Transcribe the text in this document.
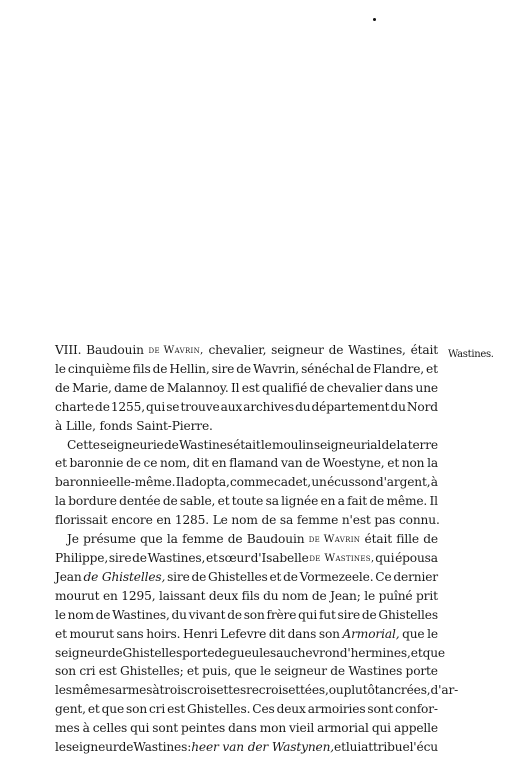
Wastines.
VIII. Baudouin de Wavrin, chevalier, seigneur de Wastines, était
le cinquième fils de Hellin, sire de Wavrin, sénéchal de Flandre, et
de Marie, dame de Malannoy. Il est qualifié de chevalier dans une
charte de 1255, qui se trouve aux archives du département du Nord
à Lille, fonds Saint-Pierre.
Cette seigneurie de Wastines était le moulin seigneurial de la terre
et baronnie de ce nom, dit en flamand van de Woestyne, et non la
baronnie elle-même. Il adopta, comme cadet, un écusson d'argent, à
la bordure dentée de sable, et toute sa lignée en a fait de même. Il
florissait encore en 1285. Le nom de sa femme n'est pas connu.
Je présume que la femme de Baudouin de Wavrin était fille de
Philippe, sire de Wastines, et sœur d'Isabelle de Wastines, qui épousa
Jean de Ghistelles, sire de Ghistelles et de Vormezeele. Ce dernier
mourut en 1295, laissant deux fils du nom de Jean; le puîné prit
le nom de Wastines, du vivant de son frère qui fut sire de Ghistelles
et mourut sans hoirs. Henri Lefevre dit dans son Armorial, que le
seigneur de Ghistelles porte de gueules au chevron d'hermines, et que
son cri est Ghistelles; et puis, que le seigneur de Wastines porte
les mêmes armes à trois croisettes recroisettées, ou plutôt ancrées, d'ar-
gent, et que son cri est Ghistelles. Ces deux armoiries sont confor-
mes à celles qui sont peintes dans mon vieil armorial qui appelle
le seigneur de Wastines : heer van der Wastynen, et lui attribue l'écu
